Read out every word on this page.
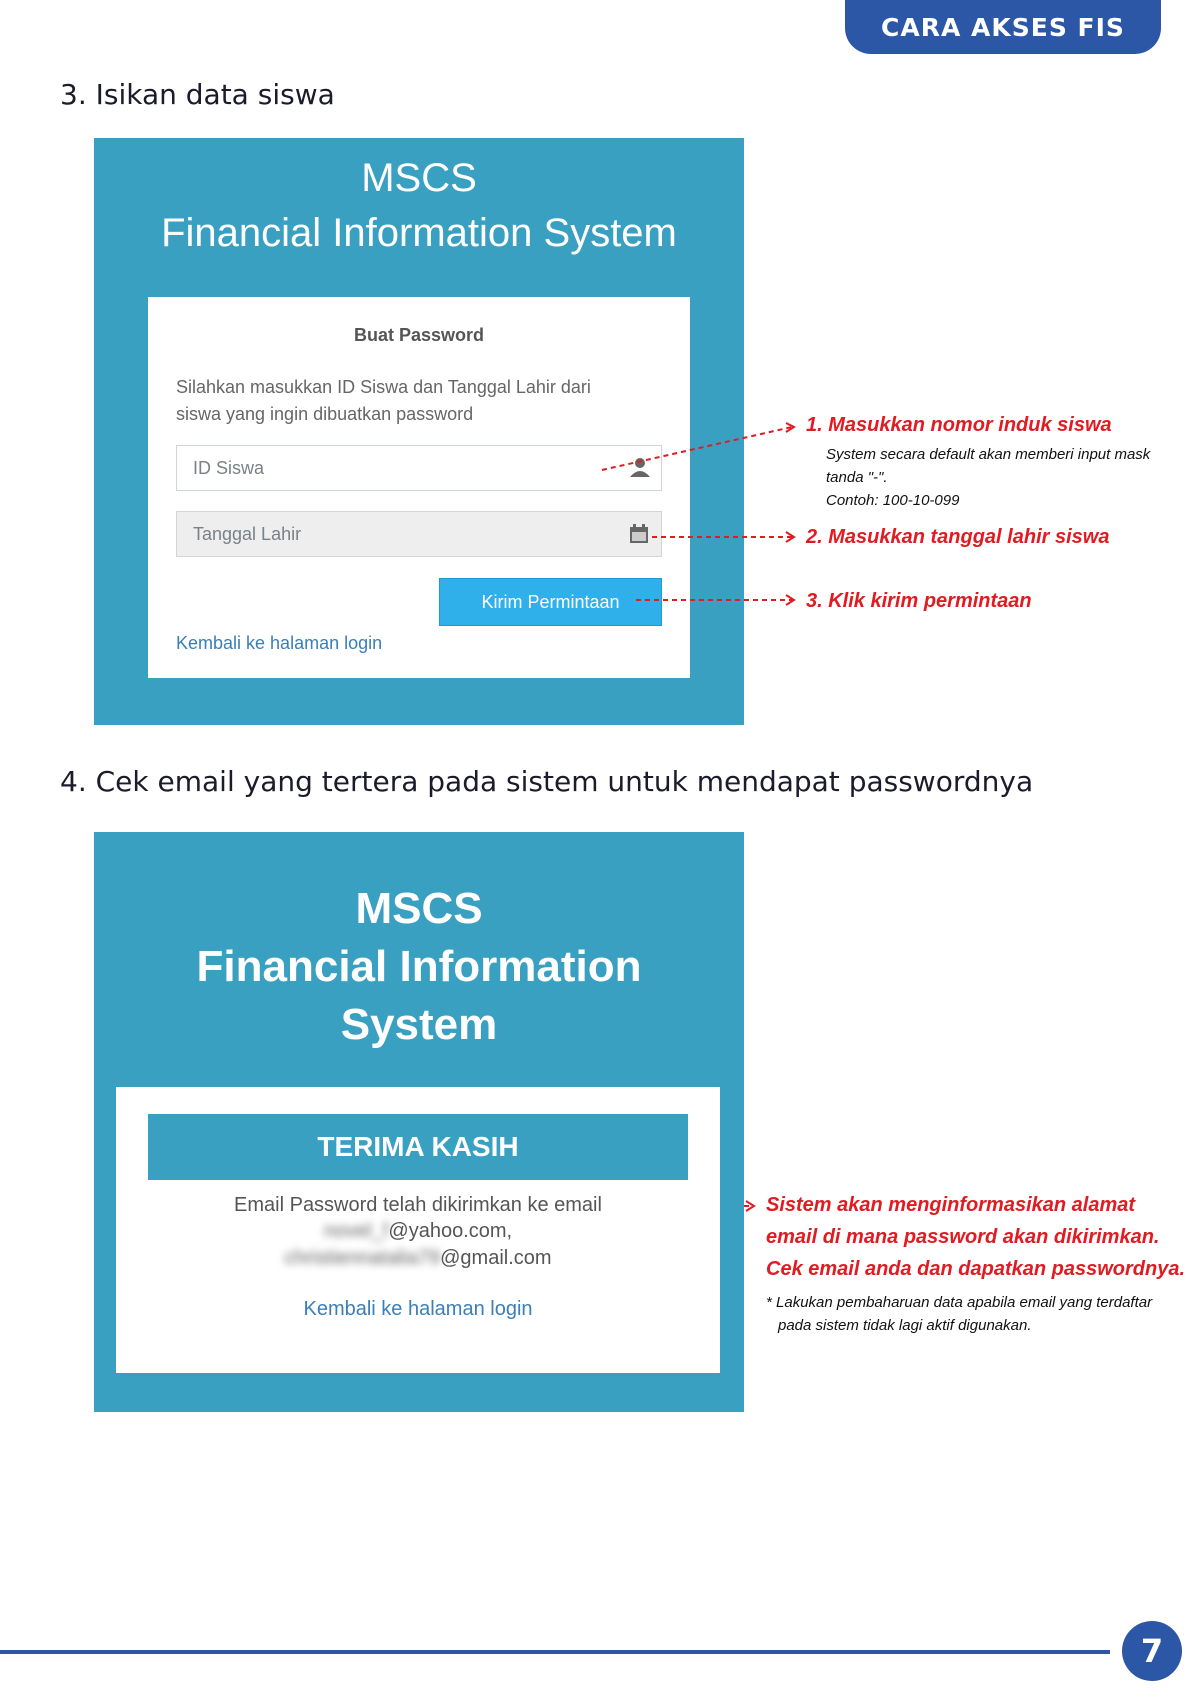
CARA AKSES FIS
3. Isikan data siswa
MSCS
Financial Information System
Buat Password
Silahkan masukkan ID Siswa dan Tanggal Lahir dari
siswa yang ingin dibuatkan password
ID Siswa
Tanggal Lahir
Kirim Permintaan
Kembali ke halaman login
1. Masukkan nomor induk siswa
System secara default akan memberi input mask
tanda "-".
Contoh: 100-10-099
2. Masukkan tanggal lahir siswa
3. Klik kirim permintaan
4. Cek email yang tertera pada sistem untuk mendapat passwordnya
MSCS
Financial Information
System
TERIMA KASIH
Email Password telah dikirimkan ke email
novel_f@yahoo.com,
christiennatalia79@gmail.com
Kembali ke halaman login
Sistem akan menginformasikan alamat
email di mana password akan dikirimkan.
Cek email anda dan dapatkan passwordnya.
* Lakukan pembaharuan data apabila email yang terdaftar
pada sistem tidak lagi aktif digunakan.
7
